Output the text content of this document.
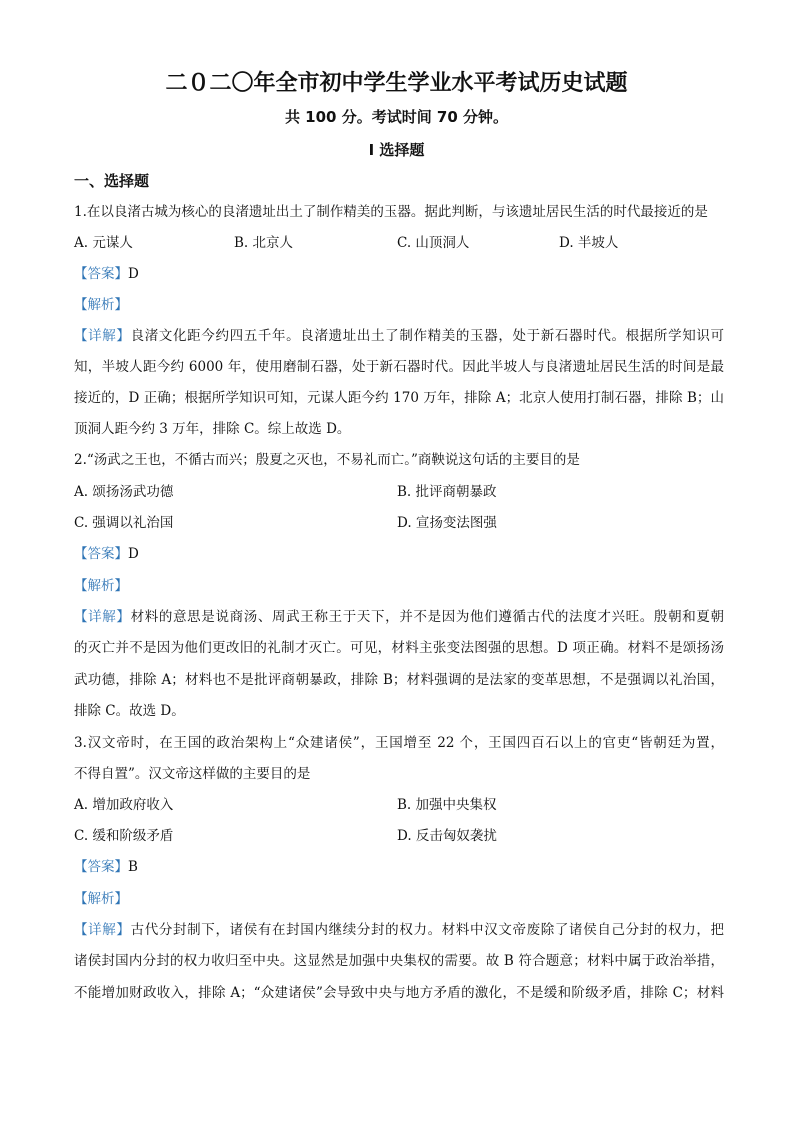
二０二〇年全市初中学生学业水平考试历史试题
共 100 分。考试时间 70 分钟。
I 选择题
一、选择题
1.在以良渚古城为核心的良渚遗址出土了制作精美的玉器。据此判断，与该遗址居民生活的时代最接近的是
A. 元谋人	B. 北京人	C. 山顶洞人	D. 半坡人
【答案】D
【解析】
【详解】良渚文化距今约四五千年。良渚遗址出土了制作精美的玉器，处于新石器时代。根据所学知识可
知，半坡人距今约 6000 年，使用磨制石器，处于新石器时代。因此半坡人与良渚遗址居民生活的时间是最
接近的，D 正确；根据所学知识可知，元谋人距今约 170 万年，排除 A；北京人使用打制石器，排除 B；山
顶洞人距今约 3 万年，排除 C。综上故选 D。
2.“汤武之王也，不循古而兴；殷夏之灭也，不易礼而亡。”商鞅说这句话的主要目的是
A. 颂扬汤武功德	B. 批评商朝暴政
C. 强调以礼治国	D. 宣扬变法图强
【答案】D
【解析】
【详解】材料的意思是说商汤、周武王称王于天下，并不是因为他们遵循古代的法度才兴旺。殷朝和夏朝
的灭亡并不是因为他们更改旧的礼制才灭亡。可见，材料主张变法图强的思想。D 项正确。材料不是颂扬汤
武功德，排除 A；材料也不是批评商朝暴政，排除 B；材料强调的是法家的变革思想，不是强调以礼治国，
排除 C。故选 D。
3.汉文帝时，在王国的政治架构上“众建诸侯”，王国增至 22 个，王国四百石以上的官吏“皆朝廷为置，
不得自置”。汉文帝这样做的主要目的是
A. 增加政府收入	B. 加强中央集权
C. 缓和阶级矛盾	D. 反击匈奴袭扰
【答案】B
【解析】
【详解】古代分封制下，诸侯有在封国内继续分封的权力。材料中汉文帝废除了诸侯自己分封的权力，把
诸侯封国内分封的权力收归至中央。这显然是加强中央集权的需要。故 B 符合题意；材料中属于政治举措，
不能增加财政收入，排除 A；“众建诸侯”会导致中央与地方矛盾的激化，不是缓和阶级矛盾，排除 C；材料
